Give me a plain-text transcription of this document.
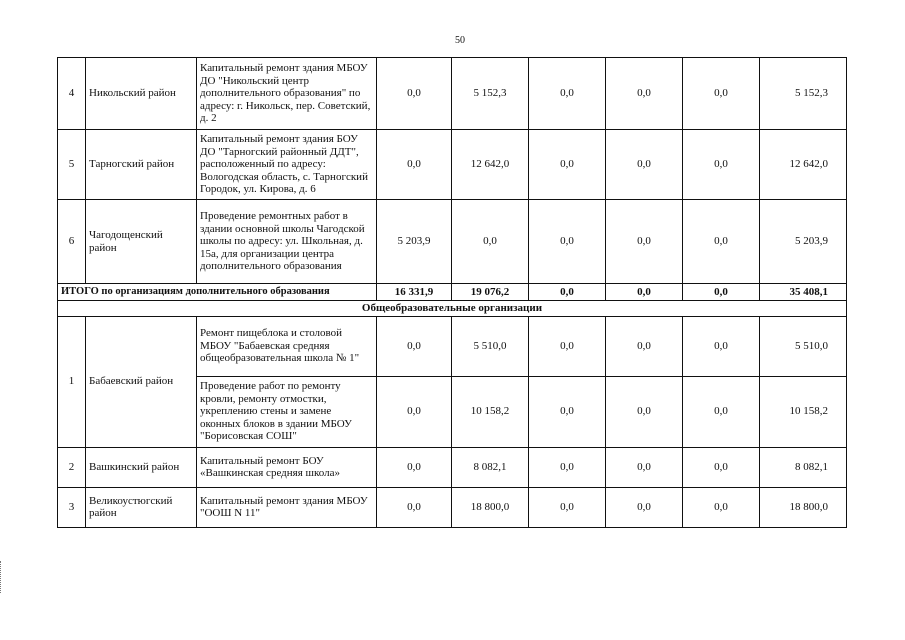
50
4	Никольский район	Капитальный ремонт здания МБОУ ДО "Никольский центр дополнительного образования" по адресу: г. Никольск, пер. Советский, д. 2	0,0	5 152,3	0,0	0,0	0,0	5 152,3
5	Тарногский район	Капитальный ремонт здания БОУ ДО "Тарногский районный ДДТ", расположенный по адресу: Вологодская область, с. Тарногский Городок, ул. Кирова, д. 6	0,0	12 642,0	0,0	0,0	0,0	12 642,0
6	Чагодощенский район	Проведение ремонтных работ в здании основной школы Чагодской школы по адресу: ул. Школьная, д. 15а, для организации центра дополнительного образования	5 203,9	0,0	0,0	0,0	0,0	5 203,9
ИТОГО по организациям дополнительного образования			16 331,9	19 076,2	0,0	0,0	0,0	35 408,1
Общеобразовательные организации								
1	Бабаевский район	Ремонт пищеблока и столовой МБОУ "Бабаевская средняя общеобразовательная школа № 1"	0,0	5 510,0	0,0	0,0	0,0	5 510,0
		Проведение работ по ремонту кровли, ремонту отмостки, укреплению стены и замене оконных блоков в здании МБОУ "Борисовская СОШ"	0,0	10 158,2	0,0	0,0	0,0	10 158,2
2	Вашкинский район	Капитальный ремонт БОУ «Вашкинская средняя школа»	0,0	8 082,1	0,0	0,0	0,0	8 082,1
3	Великоустюгский район	Капитальный ремонт здания МБОУ "ООШ N 11"	0,0	18 800,0	0,0	0,0	0,0	18 800,0
